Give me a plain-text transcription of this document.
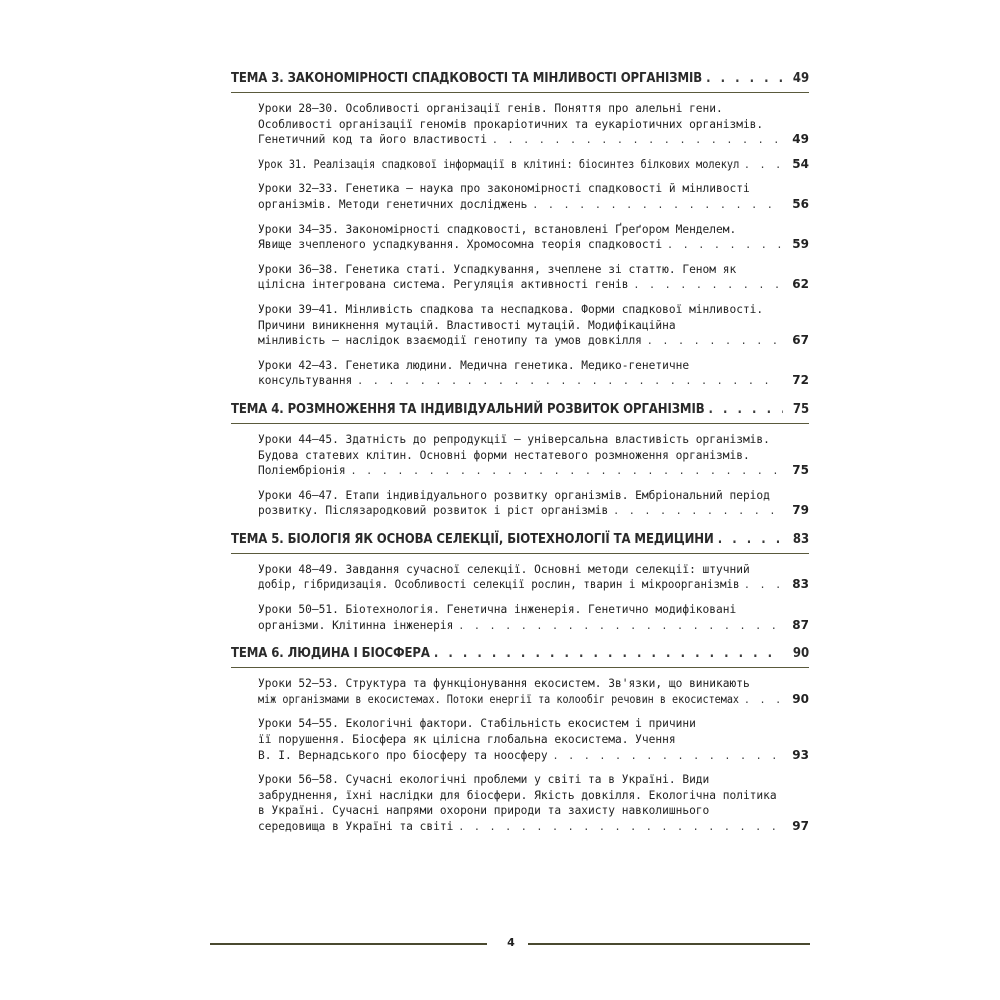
ТЕМА 3. ЗАКОНОМІРНОСТІ СПАДКОВОСТІ ТА МІНЛИВОСТІ ОРГАНІЗМІВ . . .	49
Уроки 28–30. Особливості організації генів. Поняття про алельні гени.
Особливості організації геномів прокаріотичних та еукаріотичних організмів.
Генетичний код та його властивості . . .	49
Урок 31. Реалізація спадкової інформації в клітині: біосинтез білкових молекул . . .	54
Уроки 32–33. Генетика — наука про закономірності спадковості й мінливості
організмів. Методи генетичних досліджень . . .	56
Уроки 34–35. Закономірності спадковості, встановлені Ґреґором Менделем.
Явище зчепленого успадкування. Хромосомна теорія спадковості . . .	59
Уроки 36–38. Генетика статі. Успадкування, зчеплене зі статтю. Геном як
цілісна інтегрована система. Регуляція активності генів . . .	62
Уроки 39–41. Мінливість спадкова та неспадкова. Форми спадкової мінливості.
Причини виникнення мутацій. Властивості мутацій. Модифікаційна
мінливість — наслідок взаємодії генотипу та умов довкілля . . .	67
Уроки 42–43. Генетика людини. Медична генетика. Медико-генетичне
консультування . . .	72
ТЕМА 4. РОЗМНОЖЕННЯ ТА ІНДИВІДУАЛЬНИЙ РОЗВИТОК ОРГАНІЗМІВ . . .	75
Уроки 44–45. Здатність до репродукції — універсальна властивість організмів.
Будова статевих клітин. Основні форми нестатевого розмноження організмів.
Поліембріонія . . .	75
Уроки 46–47. Етапи індивідуального розвитку організмів. Ембріональний період
розвитку. Післязародковий розвиток і ріст організмів . . .	79
ТЕМА 5. БІОЛОГІЯ ЯК ОСНОВА СЕЛЕКЦІЇ, БІОТЕХНОЛОГІЇ ТА МЕДИЦИНИ . . .	83
Уроки 48–49. Завдання сучасної селекції. Основні методи селекції: штучний
добір, гібридизація. Особливості селекції рослин, тварин і мікроорганізмів . . .	83
Уроки 50–51. Біотехнологія. Генетична інженерія. Генетично модифіковані
організми. Клітинна інженерія . . .	87
ТЕМА 6. ЛЮДИНА І БІОСФЕРА . . .	90
Уроки 52–53. Структура та функціонування екосистем. Зв'язки, що виникають
між організмами в екосистемах. Потоки енергії та колообіг речовин в екосистемах . . .	90
Уроки 54–55. Екологічні фактори. Стабільність екосистем і причини
її порушення. Біосфера як цілісна глобальна екосистема. Учення
В. І. Вернадського про біосферу та ноосферу . . .	93
Уроки 56–58. Сучасні екологічні проблеми у світі та в Україні. Види
забруднення, їхні наслідки для біосфери. Якість довкілля. Екологічна політика
в Україні. Сучасні напрями охорони природи та захисту навколишнього
середовища в Україні та світі . . .	97
4
